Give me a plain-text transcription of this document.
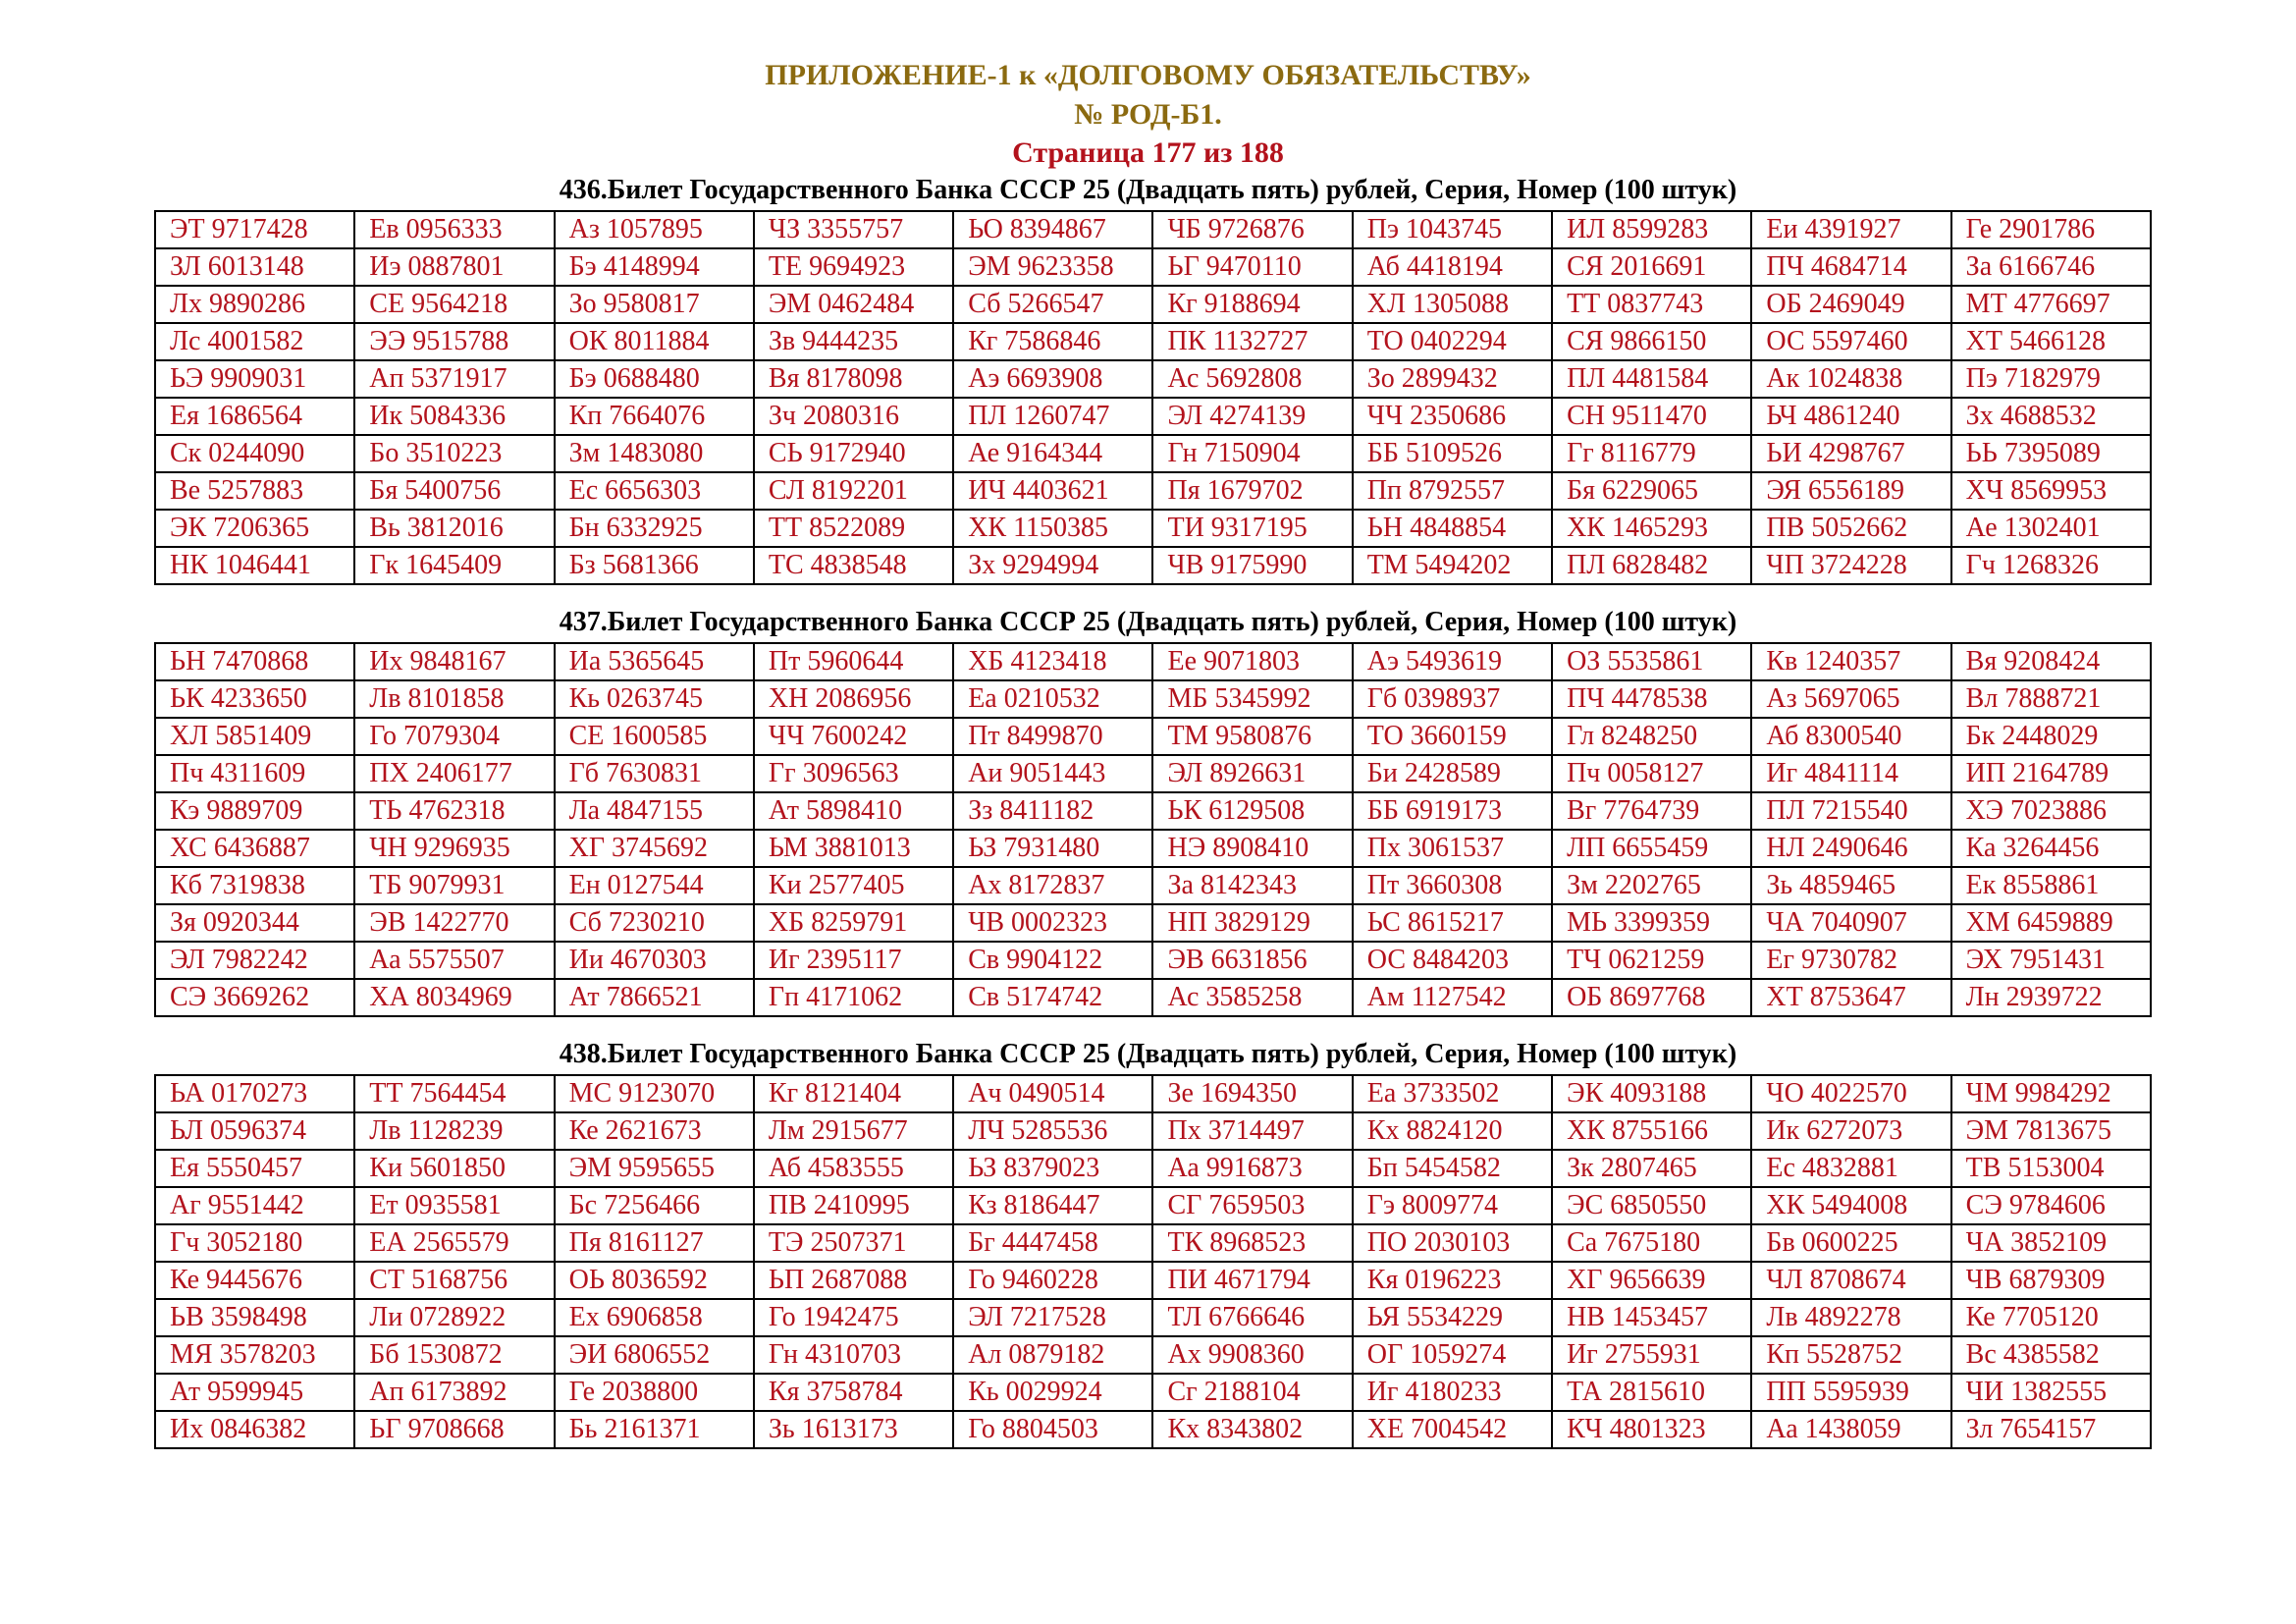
ПРИЛОЖЕНИЕ-1 к «ДОЛГОВОМУ ОБЯЗАТЕЛЬСТВУ»
№ РОД-Б1.
Страница 177 из 188
436.Билет Государственного Банка СССР 25 (Двадцать пять) рублей, Серия, Номер (100 штук)
ЭТ 9717428	Ев 0956333	Аз 1057895	ЧЗ 3355757	ЬО 8394867	ЧБ 9726876	Пэ 1043745	ИЛ 8599283	Еи 4391927	Ге 2901786
ЗЛ 6013148	Иэ 0887801	Бэ 4148994	ТЕ 9694923	ЭМ 9623358	ЬГ 9470110	Аб 4418194	СЯ 2016691	ПЧ 4684714	За 6166746
Лх 9890286	СЕ 9564218	Зо 9580817	ЭМ 0462484	Сб 5266547	Кг 9188694	ХЛ 1305088	ТТ 0837743	ОБ 2469049	МТ 4776697
Лс 4001582	ЭЭ 9515788	ОК 8011884	Зв 9444235	Кг 7586846	ПК 1132727	ТО 0402294	СЯ 9866150	ОС 5597460	ХТ 5466128
ЬЭ 9909031	Ап 5371917	Бэ 0688480	Вя 8178098	Аэ 6693908	Ас 5692808	Зо 2899432	ПЛ 4481584	Ак 1024838	Пэ 7182979
Ея 1686564	Ик 5084336	Кп 7664076	Зч 2080316	ПЛ 1260747	ЭЛ 4274139	ЧЧ 2350686	СН 9511470	ЬЧ 4861240	Зх 4688532
Ск 0244090	Бо 3510223	Зм 1483080	СЬ 9172940	Ае 9164344	Гн 7150904	ББ 5109526	Гг 8116779	ЬИ 4298767	ЬЬ 7395089
Ве 5257883	Бя 5400756	Ес 6656303	СЛ 8192201	ИЧ 4403621	Пя 1679702	Пп 8792557	Бя 6229065	ЭЯ 6556189	ХЧ 8569953
ЭК 7206365	Вь 3812016	Бн 6332925	ТТ 8522089	ХК 1150385	ТИ 9317195	ЬН 4848854	ХК 1465293	ПВ 5052662	Ае 1302401
НК 1046441	Гк 1645409	Бз 5681366	ТС 4838548	Зх 9294994	ЧВ 9175990	ТМ 5494202	ПЛ 6828482	ЧП 3724228	Гч 1268326
437.Билет Государственного Банка СССР 25 (Двадцать пять) рублей, Серия, Номер (100 штук)
ЬН 7470868	Их 9848167	Иа 5365645	Пт 5960644	ХБ 4123418	Ее 9071803	Аэ 5493619	ОЗ 5535861	Кв 1240357	Вя 9208424
ЬК 4233650	Лв 8101858	Кь 0263745	ХН 2086956	Еа 0210532	МБ 5345992	Гб 0398937	ПЧ 4478538	Аз 5697065	Вл 7888721
ХЛ 5851409	Го 7079304	СЕ 1600585	ЧЧ 7600242	Пт 8499870	ТМ 9580876	ТО 3660159	Гл 8248250	Аб 8300540	Бк 2448029
Пч 4311609	ПХ 2406177	Гб 7630831	Гг 3096563	Аи 9051443	ЭЛ 8926631	Би 2428589	Пч 0058127	Иг 4841114	ИП 2164789
Кэ 9889709	ТЬ 4762318	Ла 4847155	Ат 5898410	Зз 8411182	ЬК 6129508	ББ 6919173	Вг 7764739	ПЛ 7215540	ХЭ 7023886
ХС 6436887	ЧН 9296935	ХГ 3745692	ЬМ 3881013	ЬЗ 7931480	НЭ 8908410	Пх 3061537	ЛП 6655459	НЛ 2490646	Ка 3264456
Кб 7319838	ТБ 9079931	Ен 0127544	Ки 2577405	Ах 8172837	За 8142343	Пт 3660308	Зм 2202765	Зь 4859465	Ек 8558861
Зя 0920344	ЭВ 1422770	Сб 7230210	ХБ 8259791	ЧВ 0002323	НП 3829129	ЬС 8615217	МЬ 3399359	ЧА 7040907	ХМ 6459889
ЭЛ 7982242	Аа 5575507	Ии 4670303	Иг 2395117	Св 9904122	ЭВ 6631856	ОС 8484203	ТЧ 0621259	Ег 9730782	ЭХ 7951431
СЭ 3669262	ХА 8034969	Ат 7866521	Гп 4171062	Св 5174742	Ас 3585258	Ам 1127542	ОБ 8697768	ХТ 8753647	Лн 2939722
438.Билет Государственного Банка СССР 25 (Двадцать пять) рублей, Серия, Номер (100 штук)
ЬА 0170273	ТТ 7564454	МС 9123070	Кг 8121404	Ач 0490514	Зе 1694350	Еа 3733502	ЭК 4093188	ЧО 4022570	ЧМ 9984292
ЬЛ 0596374	Лв 1128239	Ке 2621673	Лм 2915677	ЛЧ 5285536	Пх 3714497	Кх 8824120	ХК 8755166	Ик 6272073	ЭМ 7813675
Ея 5550457	Ки 5601850	ЭМ 9595655	Аб 4583555	ЬЗ 8379023	Аа 9916873	Бп 5454582	Зк 2807465	Ес 4832881	ТВ 5153004
Аг 9551442	Ет 0935581	Бс 7256466	ПВ 2410995	Кз 8186447	СГ 7659503	Гэ 8009774	ЭС 6850550	ХК 5494008	СЭ 9784606
Гч 3052180	ЕА 2565579	Пя 8161127	ТЭ 2507371	Бг 4447458	ТК 8968523	ПО 2030103	Са 7675180	Бв 0600225	ЧА 3852109
Ке 9445676	СТ 5168756	ОЬ 8036592	ЬП 2687088	Го 9460228	ПИ 4671794	Кя 0196223	ХГ 9656639	ЧЛ 8708674	ЧВ 6879309
ЬВ 3598498	Ли 0728922	Ех 6906858	Го 1942475	ЭЛ 7217528	ТЛ 6766646	ЬЯ 5534229	НВ 1453457	Лв 4892278	Ке 7705120
МЯ 3578203	Бб 1530872	ЭИ 6806552	Гн 4310703	Ал 0879182	Ах 9908360	ОГ 1059274	Иг 2755931	Кп 5528752	Вс 4385582
Ат 9599945	Ап 6173892	Ге 2038800	Кя 3758784	Кь 0029924	Сг 2188104	Иг 4180233	ТА 2815610	ПП 5595939	ЧИ 1382555
Их 0846382	ЬГ 9708668	Бь 2161371	Зь 1613173	Го 8804503	Кх 8343802	ХЕ 7004542	КЧ 4801323	Аа 1438059	Зл 7654157
